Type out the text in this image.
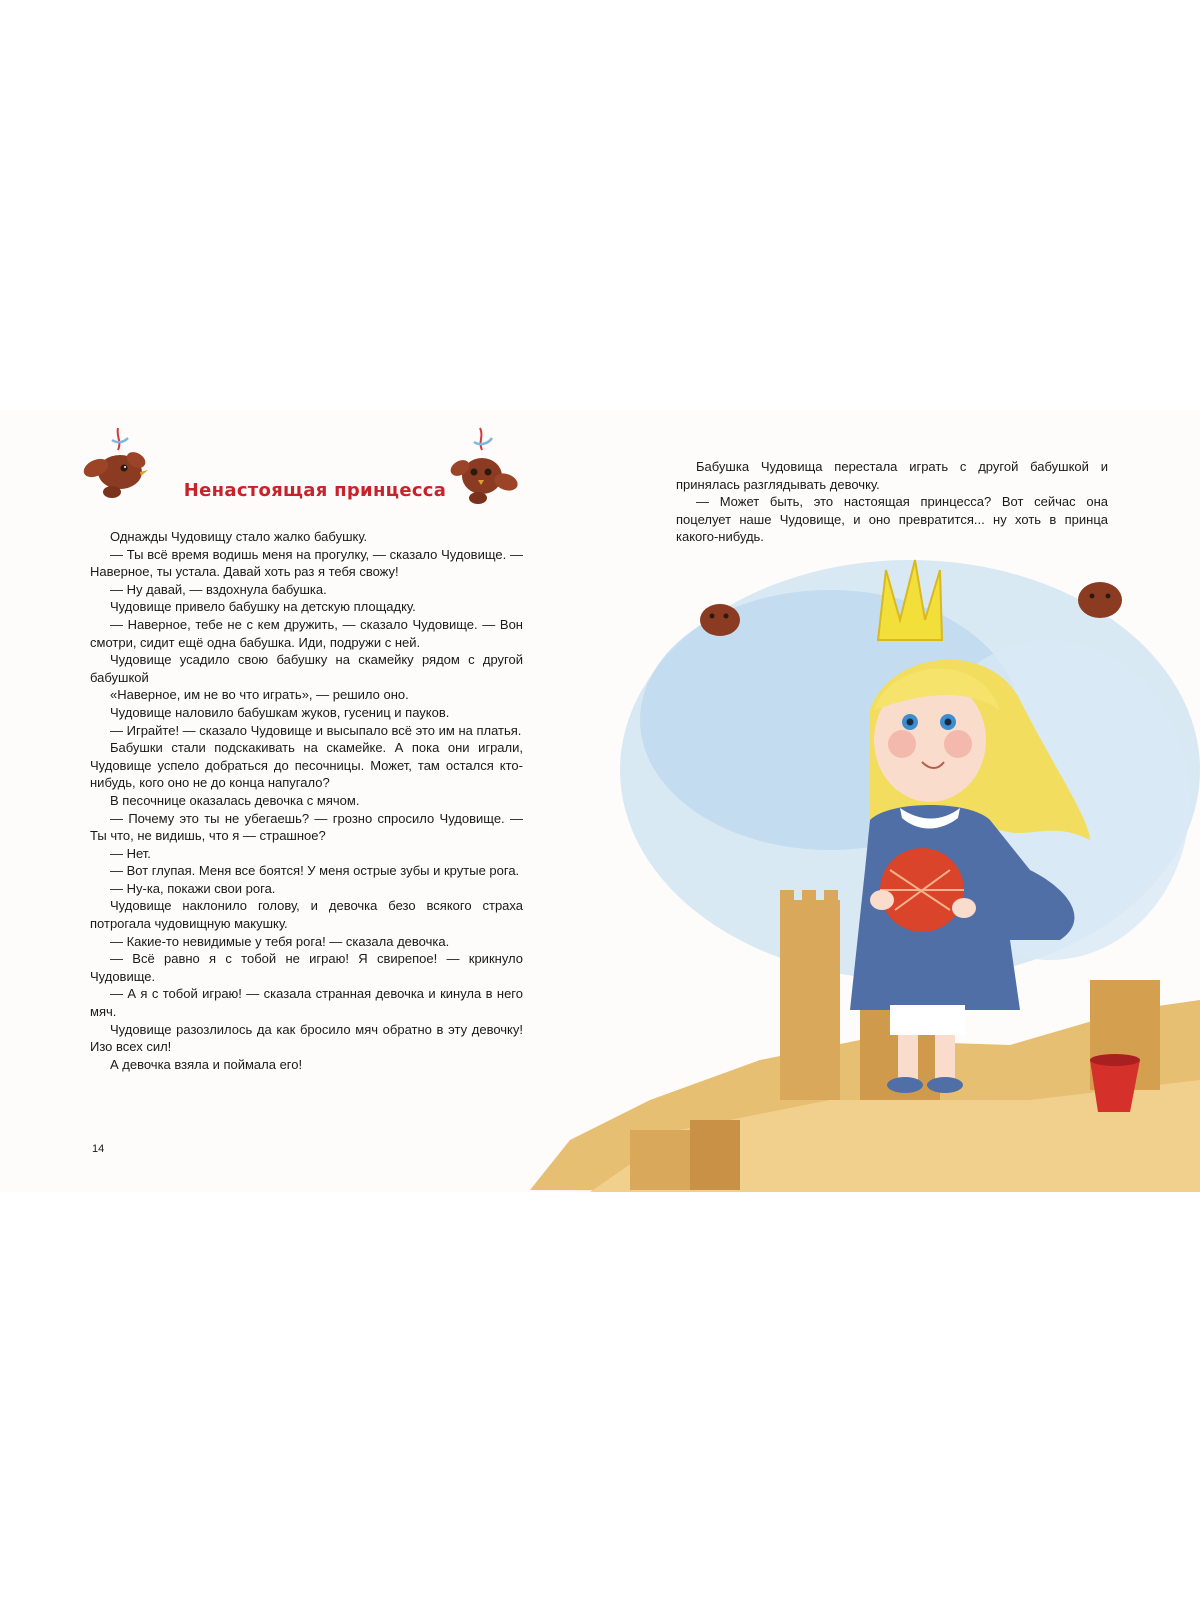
Ненастоящая принцесса

Однажды Чудовищу стало жалко бабушку.

— Ты всё время водишь меня на прогулку, — сказало Чудовище. — Наверное, ты устала. Давай хоть раз я тебя свожу!

— Ну давай, — вздохнула бабушка.

Чудовище привело бабушку на детскую площадку.

— Наверное, тебе не с кем дружить, — сказало Чудовище. — Вон смотри, сидит ещё одна бабушка. Иди, подружи с ней.

Чудовище усадило свою бабушку на скамейку рядом с другой бабушкой

«Наверное, им не во что играть», — решило оно.

Чудовище наловило бабушкам жуков, гусениц и пауков.

— Играйте! — сказало Чудовище и высыпало всё это им на платья.

Бабушки стали подскакивать на скамейке. А пока они играли, Чудовище успело добраться до песочницы. Может, там остался кто-нибудь, кого оно не до конца напугало?

В песочнице оказалась девочка с мячом.

— Почему это ты не убегаешь? — грозно спросило Чудовище. — Ты что, не видишь, что я — страшное?

— Нет.

— Вот глупая. Меня все боятся! У меня острые зубы и крутые рога.

— Ну-ка, покажи свои рога.

Чудовище наклонило голову, и девочка безо всякого страха потрогала чудовищную макушку.

— Какие-то невидимые у тебя рога! — сказала девочка.

— Всё равно я с тобой не играю! Я свирепое! — крикнуло Чудовище.

— А я с тобой играю! — сказала странная девочка и кинула в него мяч.

Чудовище разозлилось да как бросило мяч обратно в эту девочку! Изо всех сил!

А девочка взяла и поймала его!

14

Бабушка Чудовища перестала играть с другой бабушкой и принялась разглядывать девочку.

— Может быть, это настоящая принцесса? Вот сейчас она поцелует наше Чудовище, и оно превратится... ну хоть в принца какого-нибудь.
